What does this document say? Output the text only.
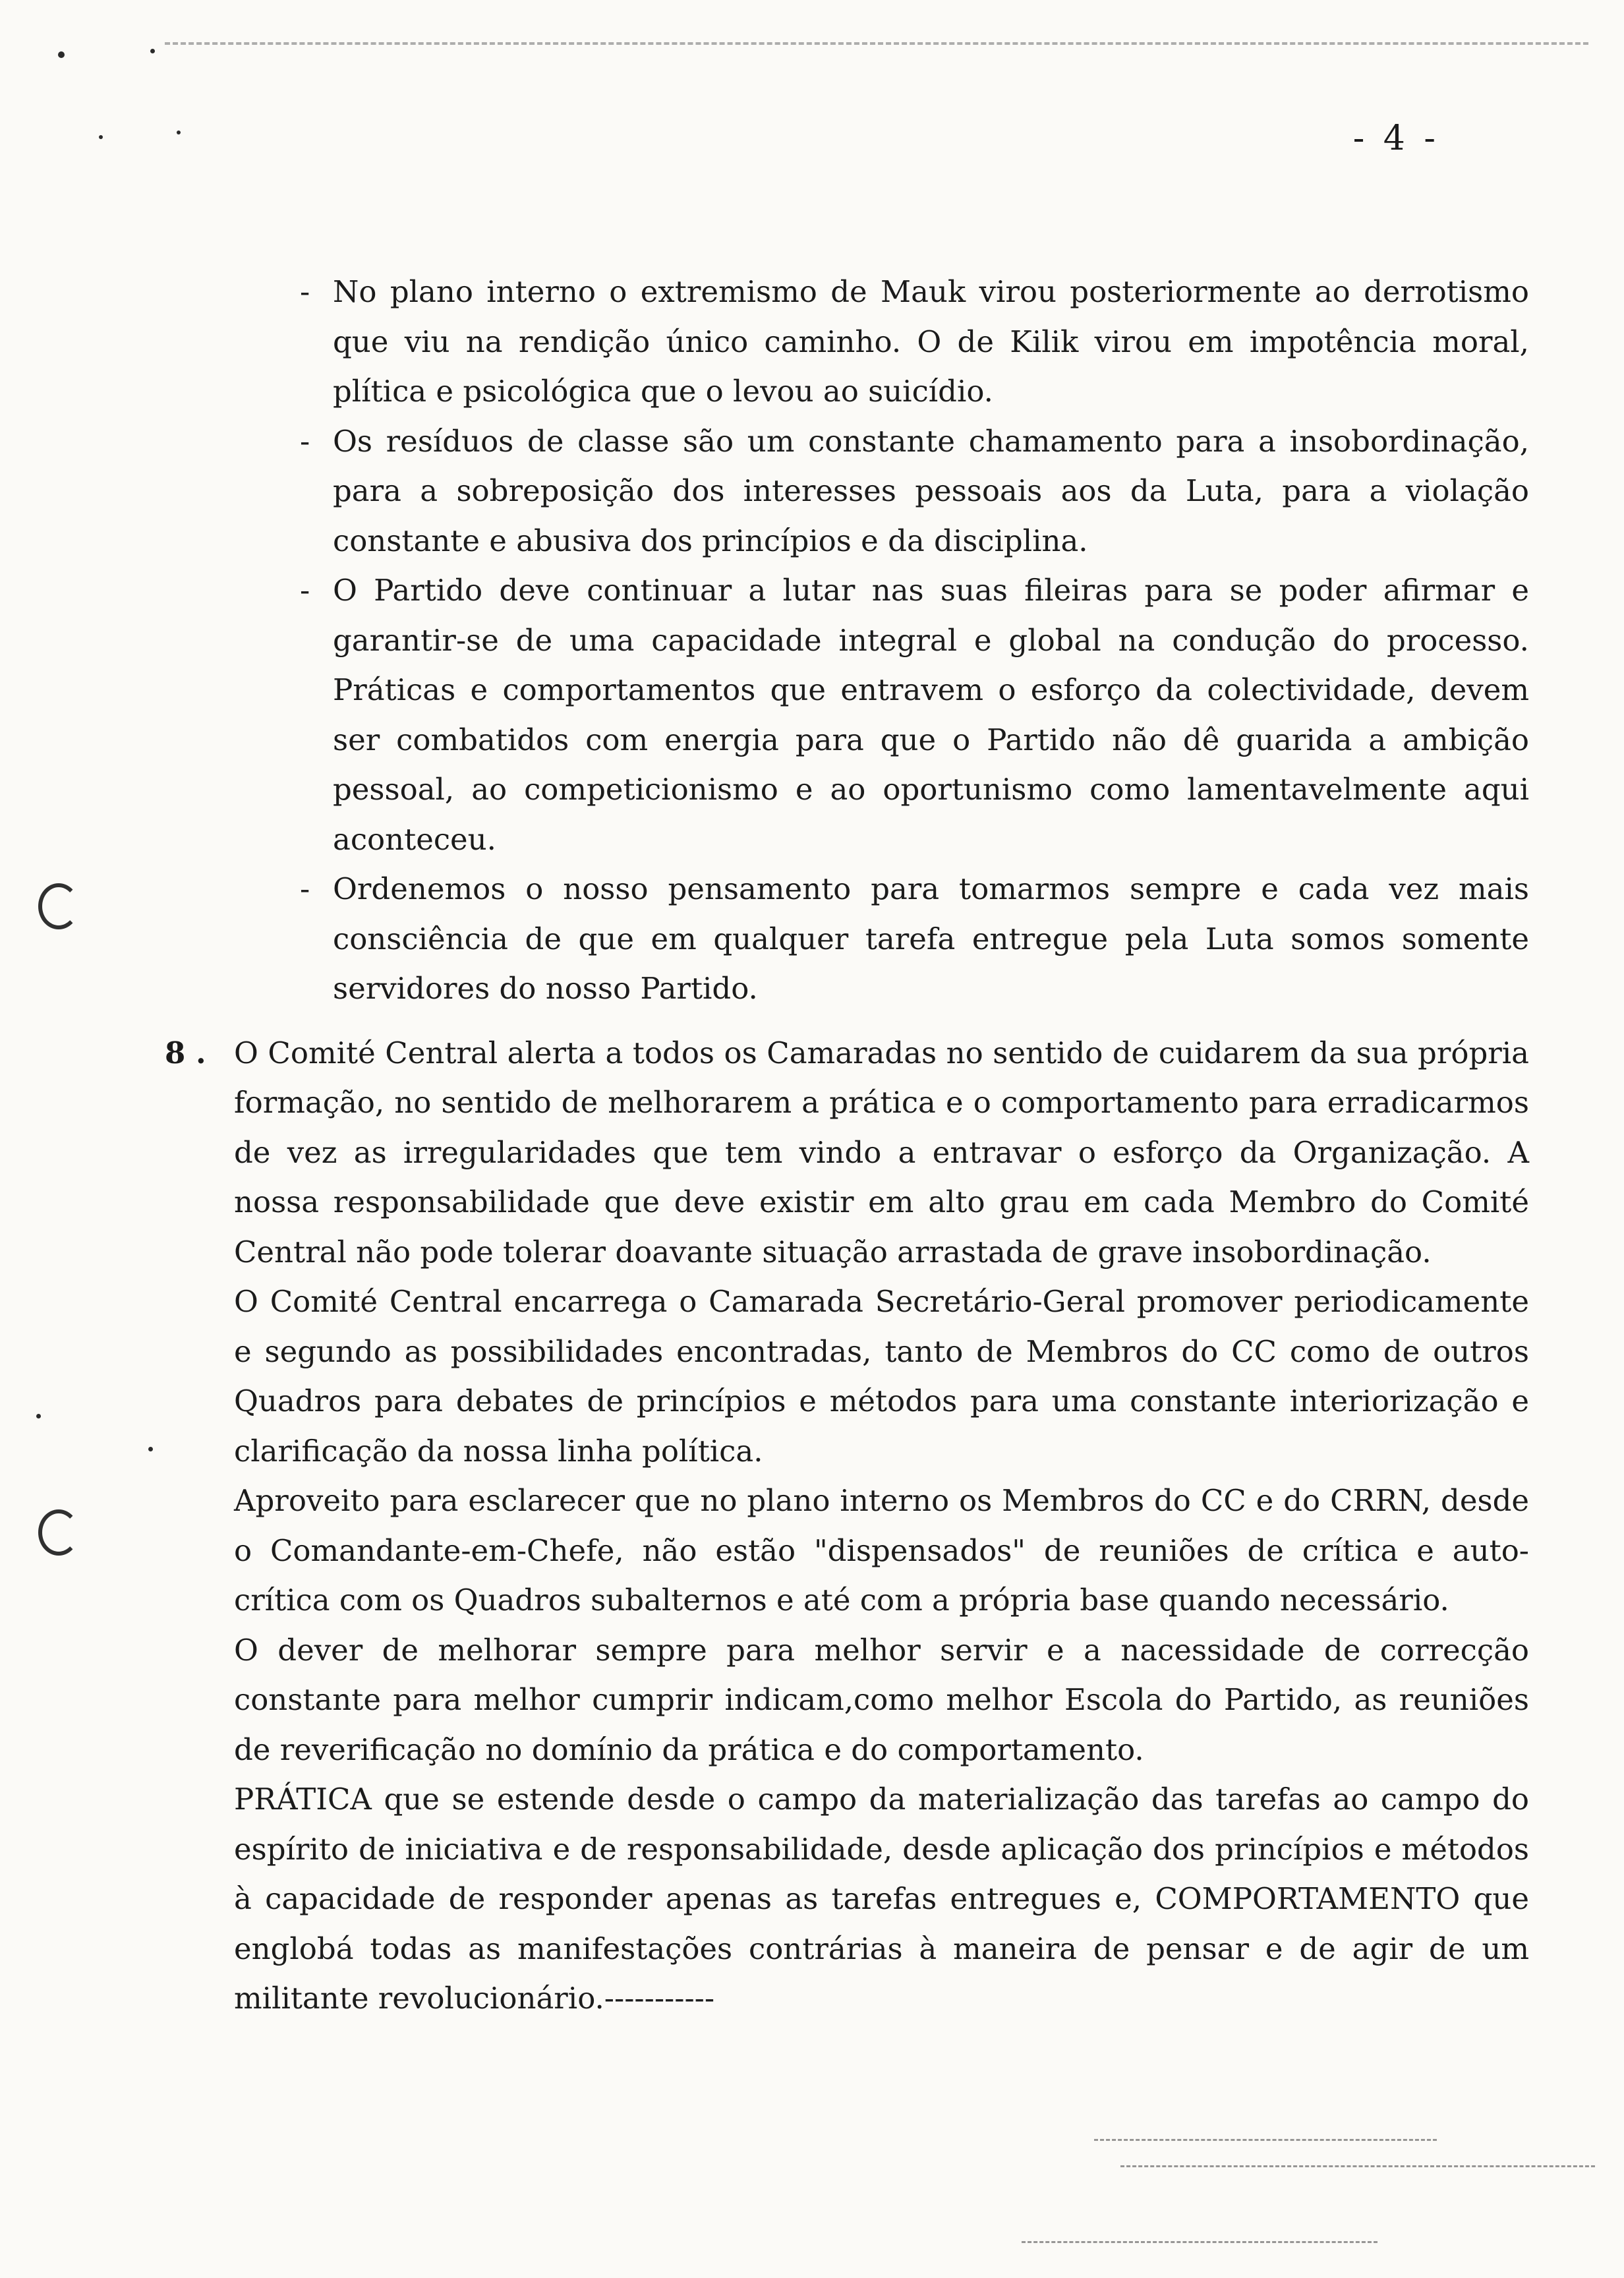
- 4 -
- No plano interno o extremismo de Mauk virou posteriormente ao derrotismo que viu na rendição único caminho. O de Kilik virou em impotência moral, plítica e psicológica que o levou ao suicídio.
- Os resíduos de classe são um constante chamamento para a insobordinação, para a sobreposição dos interesses pessoais aos da Luta, para a violação constante e abusiva dos princípios e da disciplina.
- O Partido deve continuar a lutar nas suas fileiras para se poder afirmar e garantir-se de uma capacidade integral e global na condução do processo. Práticas e comportamentos que entravem o esforço da colectividade, devem ser combatidos com energia para que o Partido não dê guarida a ambição pessoal, ao competicionismo e ao oportunismo como lamentavelmente aqui aconteceu.
- Ordenemos o nosso pensamento para tomarmos sempre e cada vez mais consciência de que em qualquer tarefa entregue pela Luta somos somente servidores do nosso Partido.
8 . O Comité Central alerta a todos os Camaradas no sentido de cuidarem da sua própria formação, no sentido de melhorarem a prática e o comportamento para erradicarmos de vez as irregularidades que tem vindo a entravar o esforço da Organização. A nossa responsabilidade que deve existir em alto grau em cada Membro do Comité Central não pode tolerar doavante situação arrastada de grave insobordinação.

O Comité Central encarrega o Camarada Secretário-Geral promover periodicamente e segundo as possibilidades encontradas, tanto de Membros do CC como de outros Quadros para debates de princípios e métodos para uma constante interiorização e clarificação da nossa linha política.

Aproveito para esclarecer que no plano interno os Membros do CC e do CRRN, desde o Comandante-em-Chefe, não estão "dispensados" de reuniões de crítica e auto-crítica com os Quadros subalternos e até com a própria base quando necessário.

O dever de melhorar sempre para melhor servir e a nacessidade de correcção constante para melhor cumprir indicam,como melhor Escola do Partido, as reuniões de reverificação no domínio da prática e do comportamento.

PRÁTICA que se estende desde o campo da materialização das tarefas ao campo do espírito de iniciativa e de responsabilidade, desde aplicação dos princípios e métodos à capacidade de responder apenas as tarefas entregues e, COMPORTAMENTO que englobá todas as manifestações contrárias à maneira de pensar e de agir de um militante revolucionário.-----------
